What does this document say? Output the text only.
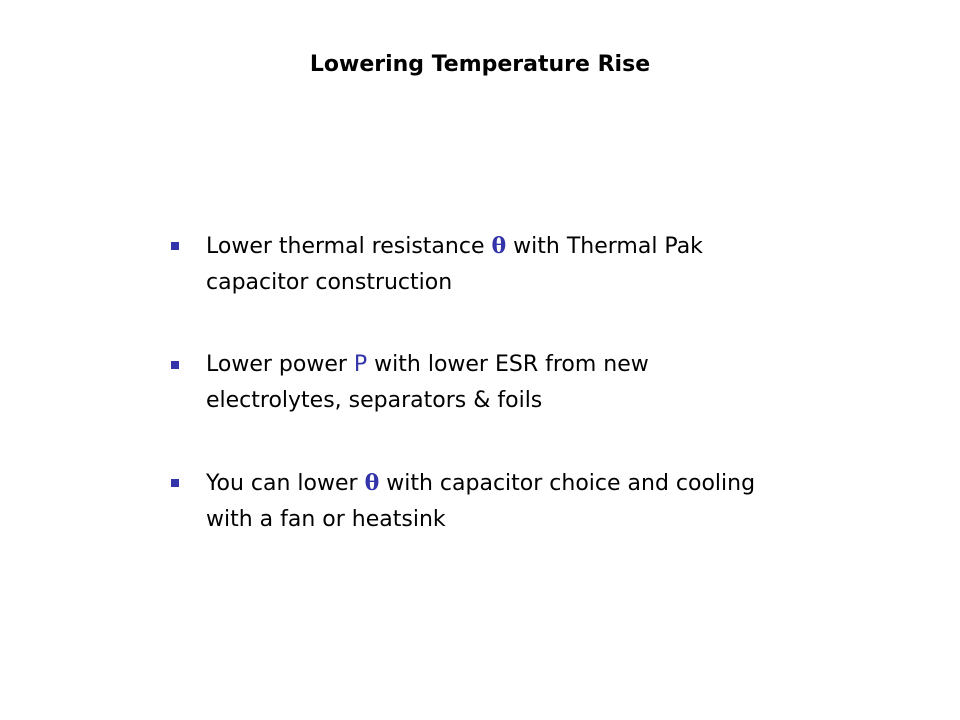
Lowering Temperature Rise
Lower thermal resistance θ with Thermal Pak
capacitor construction
Lower power P with lower ESR from new
electrolytes, separators & foils
You can lower θ with capacitor choice and cooling
with a fan or heatsink
